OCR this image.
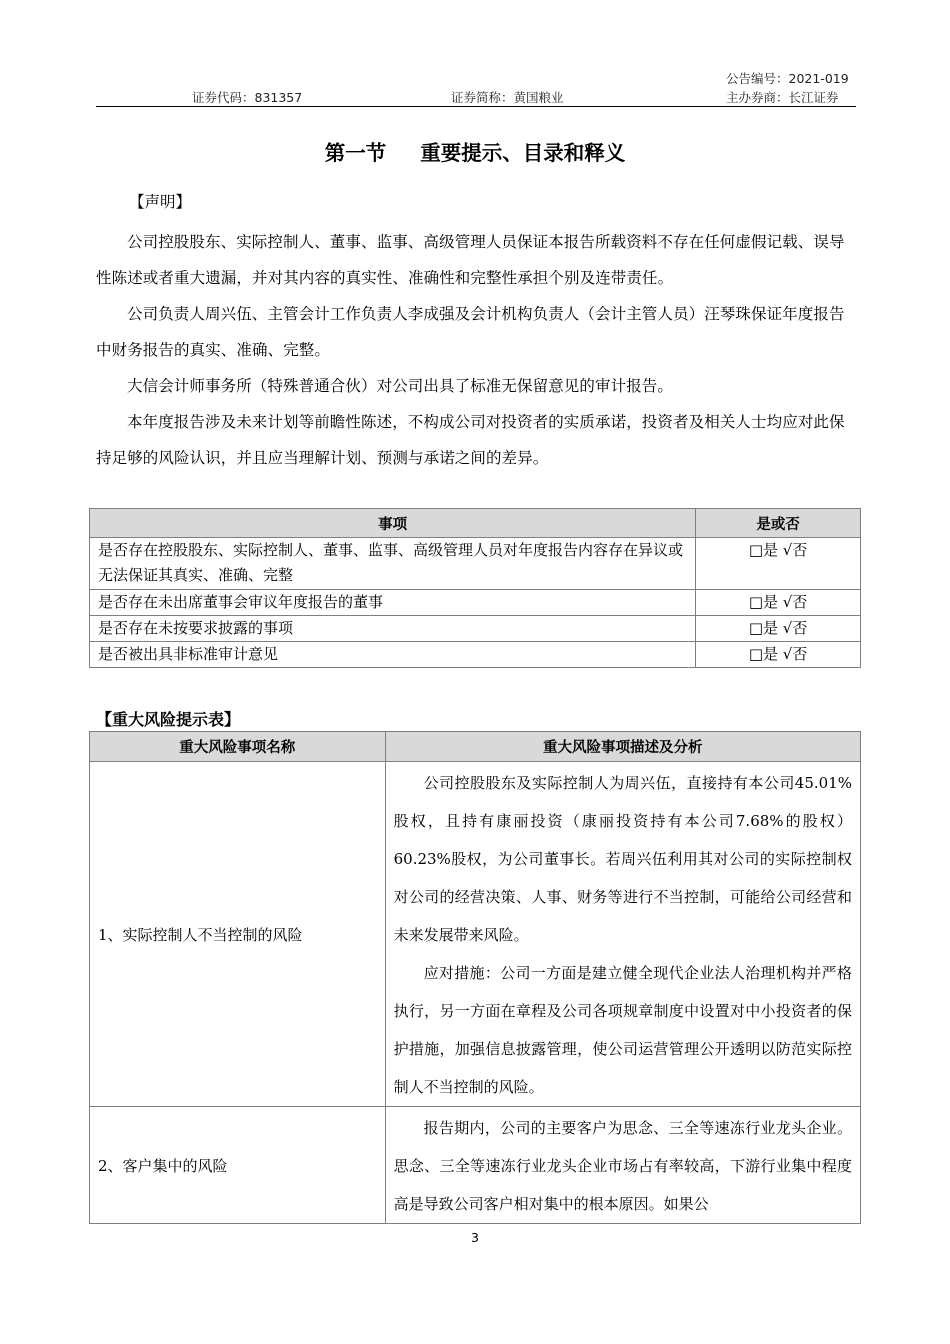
公告编号：2021-019
证券代码：831357	证券简称：黄国粮业	主办券商：长江证券
第一节 重要提示、目录和释义
【声明】
公司控股股东、实际控制人、董事、监事、高级管理人员保证本报告所载资料不存在任何虚假记载、误导性陈述或者重大遗漏，并对其内容的真实性、准确性和完整性承担个别及连带责任。
公司负责人周兴伍、主管会计工作负责人李成强及会计机构负责人（会计主管人员）汪琴珠保证年度报告中财务报告的真实、准确、完整。
大信会计师事务所（特殊普通合伙）对公司出具了标准无保留意见的审计报告。
本年度报告涉及未来计划等前瞻性陈述，不构成公司对投资者的实质承诺，投资者及相关人士均应对此保持足够的风险认识，并且应当理解计划、预测与承诺之间的差异。
事项	是或否
是否存在控股股东、实际控制人、董事、监事、高级管理人员对年度报告内容存在异议或无法保证其真实、准确、完整	□是 √否
是否存在未出席董事会审议年度报告的董事	□是 √否
是否存在未按要求披露的事项	□是 √否
是否被出具非标准审计意见	□是 √否
【重大风险提示表】
重大风险事项名称	重大风险事项描述及分析
1、实际控制人不当控制的风险	公司控股股东及实际控制人为周兴伍，直接持有本公司45.01%股权，且持有康丽投资（康丽投资持有本公司7.68%的股权）60.23%股权，为公司董事长。若周兴伍利用其对公司的实际控制权对公司的经营决策、人事、财务等进行不当控制，可能给公司经营和未来发展带来风险。

应对措施：公司一方面是建立健全现代企业法人治理机构并严格执行，另一方面在章程及公司各项规章制度中设置对中小投资者的保护措施，加强信息披露管理，使公司运营管理公开透明以防范实际控制人不当控制的风险。

2、客户集中的风险	报告期内，公司的主要客户为思念、三全等速冻行业龙头企业。思念、三全等速冻行业龙头企业市场占有率较高，下游行业集中程度高是导致公司客户相对集中的根本原因。如果公

3
